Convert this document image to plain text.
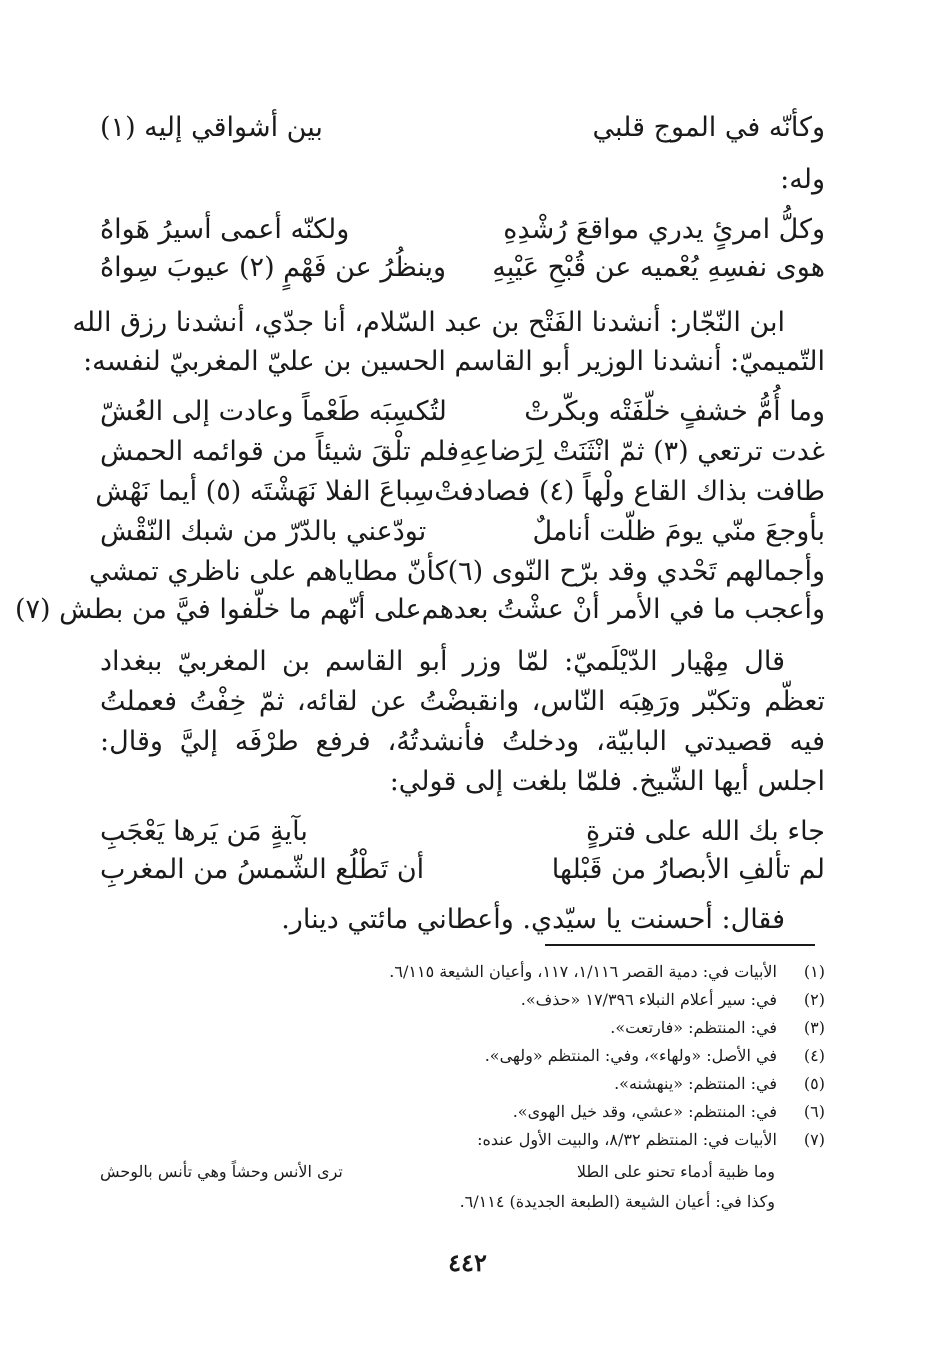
وكأنّه في الموج قلبي
بين أشواقي إليه (١)
وله:
وكلُّ امرئٍ يدري مواقعَ رُشْدِهِ
ولكنّه أعمى أسيرُ هَواهُ
هوى نفسِهِ يُعْميه عن قُبْحِ عَيْبِهِ
وينظُرُ عن فَهْمٍ (٢) عيوبَ سِواهُ
ابن النّجّار: أنشدنا الفَتْح بن عبد السّلام، أنا جدّي، أنشدنا رزق الله
التّميميّ: أنشدنا الوزير أبو القاسم الحسين بن عليّ المغربيّ لنفسه:
وما أُمُّ خشفٍ خلّفَتْه وبكّرتْ
لتُكسِبَه طَعْماً وعادت إلى العُشّ
غدت ترتعي (٣) ثمّ انْثَنَتْ لِرَضاعِهِ
فلم تلْقَ شيئاً من قوائمه الحمش
طافت بذاك القاع ولْهاً (٤) فصادفتْ
سِباعَ الفلا نَهَشْتَه (٥) أيما نَهْش
بأوجعَ منّي يومَ ظلّت أناملٌ
تودّعني بالدّرّ من شبك النّقْش
وأجمالهم تَحْدي وقد برّح النّوى (٦)
كأنّ مطاياهم على ناظري تمشي
وأعجب ما في الأمر أنْ عشْتُ بعدهم
على أنّهم ما خلّفوا فيَّ من بطش (٧)
قال مِهْيار الدّيْلَميّ: لمّا وزر أبو القاسم بن المغربيّ ببغداد تعظّم وتكبّر ورَهِبَه النّاس، وانقبضْتُ عن لقائه، ثمّ خِفْتُ فعملتُ فيه قصيدتي البابيّة، ودخلتُ فأنشدتُهُ، فرفع طرْفَه إليَّ وقال: اجلس أيها الشّيخ. فلمّا بلغت إلى قولي:
جاء بك الله على فترةٍ
بآيةٍ مَن يَرها يَعْجَبِ
لم تألفِ الأبصارُ من قَبْلها
أن تَطْلُع الشّمسُ من المغربِ
فقال: أحسنت يا سيّدي. وأعطاني مائتي دينار.
(١)الأبيات في: دمية القصر ١/١١٦، ١١٧، وأعيان الشيعة ٦/١١٥.
(٢)في: سير أعلام النبلاء ١٧/٣٩٦ «حذف».
(٣)في: المنتظم: «فارتعت».
(٤)في الأصل: «ولهاء»، وفي: المنتظم «ولهى».
(٥)في: المنتظم: «ينهشنه».
(٦)في: المنتظم: «عشي، وقد خيل الهوى».
(٧)الأبيات في: المنتظم ٨/٣٢، والبيت الأول عنده:
وما ظبية أدماء تحنو على الطلا
ترى الأنس وحشاً وهي تأنس بالوحش
وكذا في: أعيان الشيعة (الطبعة الجديدة) ٦/١١٤.
٤٤٢
